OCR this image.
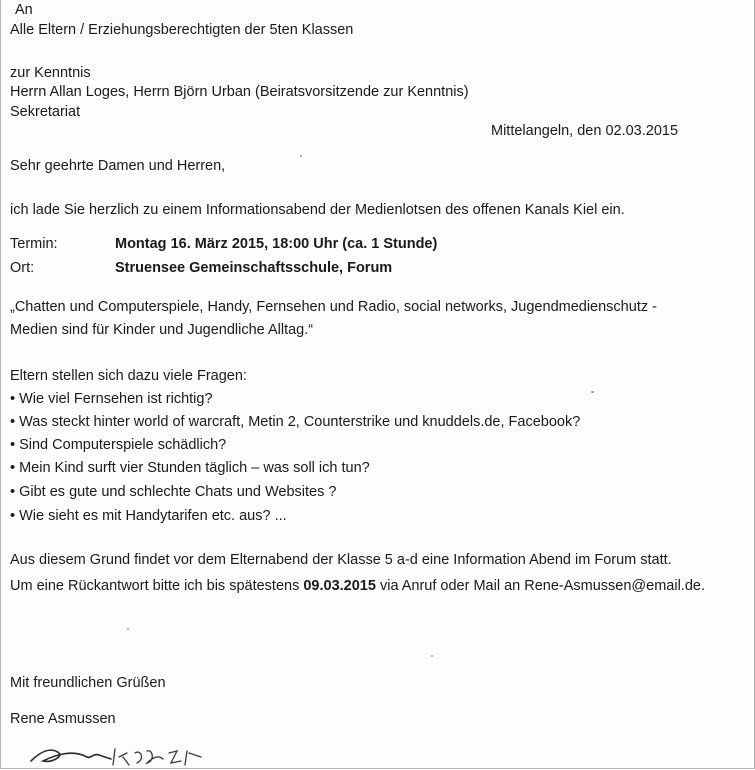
An
Alle Eltern / Erziehungsberechtigten der 5ten Klassen
zur Kenntnis
Herrn Allan Loges, Herrn Björn Urban (Beiratsvorsitzende zur Kenntnis)
Sekretariat
Mittelangeln, den 02.03.2015
Sehr geehrte Damen und Herren,
ich lade Sie herzlich zu einem Informationsabend der Medienlotsen des offenen Kanals Kiel ein.
Termin:	Montag 16. März 2015, 18:00 Uhr (ca. 1 Stunde)
Ort:	Struensee Gemeinschaftsschule, Forum
„Chatten und Computerspiele, Handy, Fernsehen und Radio, social networks, Jugendmedienschutz -
Medien sind für Kinder und Jugendliche Alltag.“
Eltern stellen sich dazu viele Fragen:
• Wie viel Fernsehen ist richtig?
• Was steckt hinter world of warcraft, Metin 2, Counterstrike und knuddels.de, Facebook?
• Sind Computerspiele schädlich?
• Mein Kind surft vier Stunden täglich – was soll ich tun?
• Gibt es gute und schlechte Chats und Websites ?
• Wie sieht es mit Handytarifen etc. aus? ...
Aus diesem Grund findet vor dem Elternabend der Klasse 5 a-d eine Information Abend im Forum statt.
Um eine Rückantwort bitte ich bis spätestens 09.03.2015 via Anruf oder Mail an Rene-Asmussen@email.de.
Mit freundlichen Grüßen
Rene Asmussen
